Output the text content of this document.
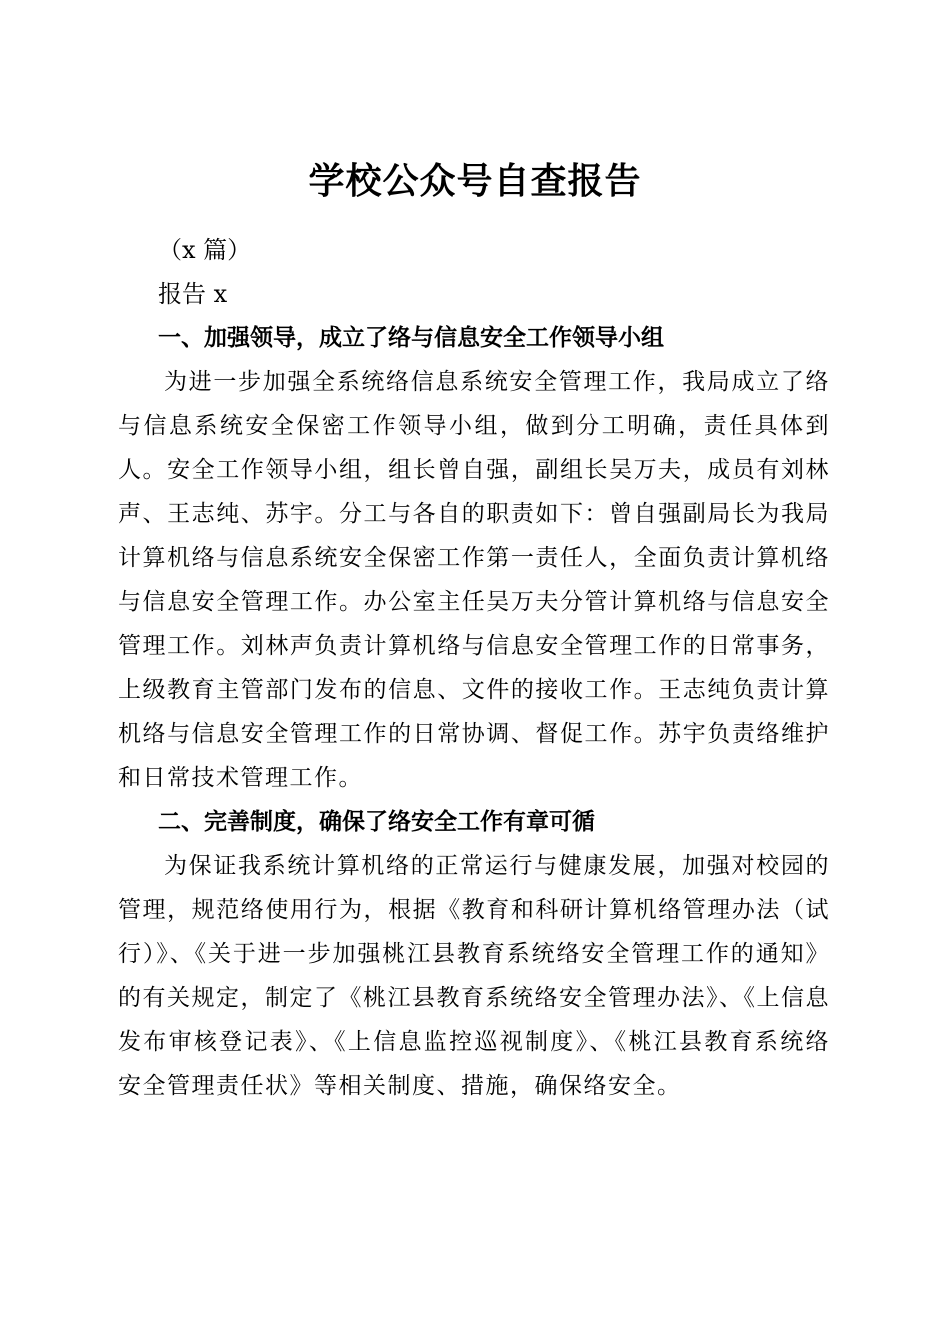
学校公众号自查报告

（x 篇）

报告 x

一、加强领导，成立了络与信息安全工作领导小组

为进一步加强全系统络信息系统安全管理工作，我局成立了络与信息系统安全保密工作领导小组，做到分工明确，责任具体到人。安全工作领导小组，组长曾自强，副组长吴万夫，成员有刘林声、王志纯、苏宇。分工与各自的职责如下：曾自强副局长为我局计算机络与信息系统安全保密工作第一责任人，全面负责计算机络与信息安全管理工作。办公室主任吴万夫分管计算机络与信息安全管理工作。刘林声负责计算机络与信息安全管理工作的日常事务，上级教育主管部门发布的信息、文件的接收工作。王志纯负责计算机络与信息安全管理工作的日常协调、督促工作。苏宇负责络维护和日常技术管理工作。

二、完善制度，确保了络安全工作有章可循

为保证我系统计算机络的正常运行与健康发展，加强对校园的管理，规范络使用行为，根据《教育和科研计算机络管理办法（试行）》、《关于进一步加强桃江县教育系统络安全管理工作的通知》的有关规定，制定了《桃江县教育系统络安全管理办法》、《上信息发布审核登记表》、《上信息监控巡视制度》、《桃江县教育系统络安全管理责任状》等相关制度、措施，确保络安全。
